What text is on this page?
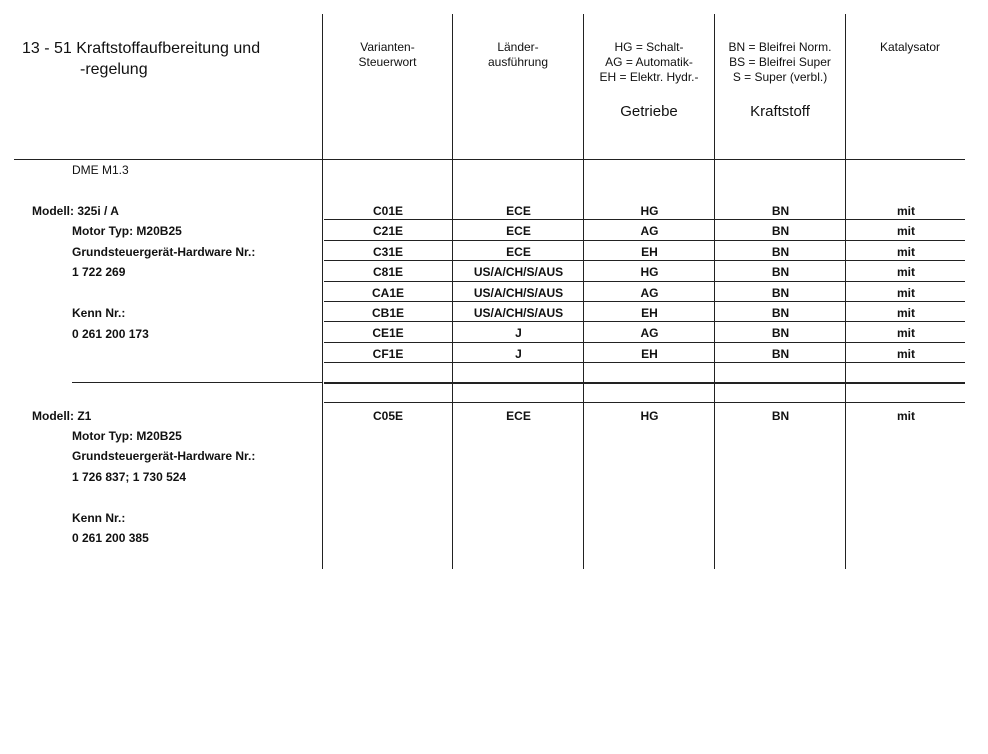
13 - 51 Kraftstoffaufbereitung und
-regelung
Varianten-
Steuerwort
Länder-
ausführung
HG = Schalt-
AG = Automatik-
EH = Elektr. Hydr.-
Getriebe
BN = Bleifrei Norm.
BS = Bleifrei Super
S = Super (verbl.)
Kraftstoff
Katalysator
DME M1.3
Modell: 325i / A
Motor Typ: M20B25
Grundsteuergerät-Hardware Nr.:
1 722 269
Kenn Nr.:
0 261 200 173
C01E	ECE	HG	BN	mit
C21E	ECE	AG	BN	mit
C31E	ECE	EH	BN	mit
C81E	US/A/CH/S/AUS	HG	BN	mit
CA1E	US/A/CH/S/AUS	AG	BN	mit
CB1E	US/A/CH/S/AUS	EH	BN	mit
CE1E	J	AG	BN	mit
CF1E	J	EH	BN	mit
Modell: Z1
Motor Typ: M20B25
Grundsteuergerät-Hardware Nr.:
1 726 837; 1 730 524
Kenn Nr.:
0 261 200 385
C05E	ECE	HG	BN	mit
